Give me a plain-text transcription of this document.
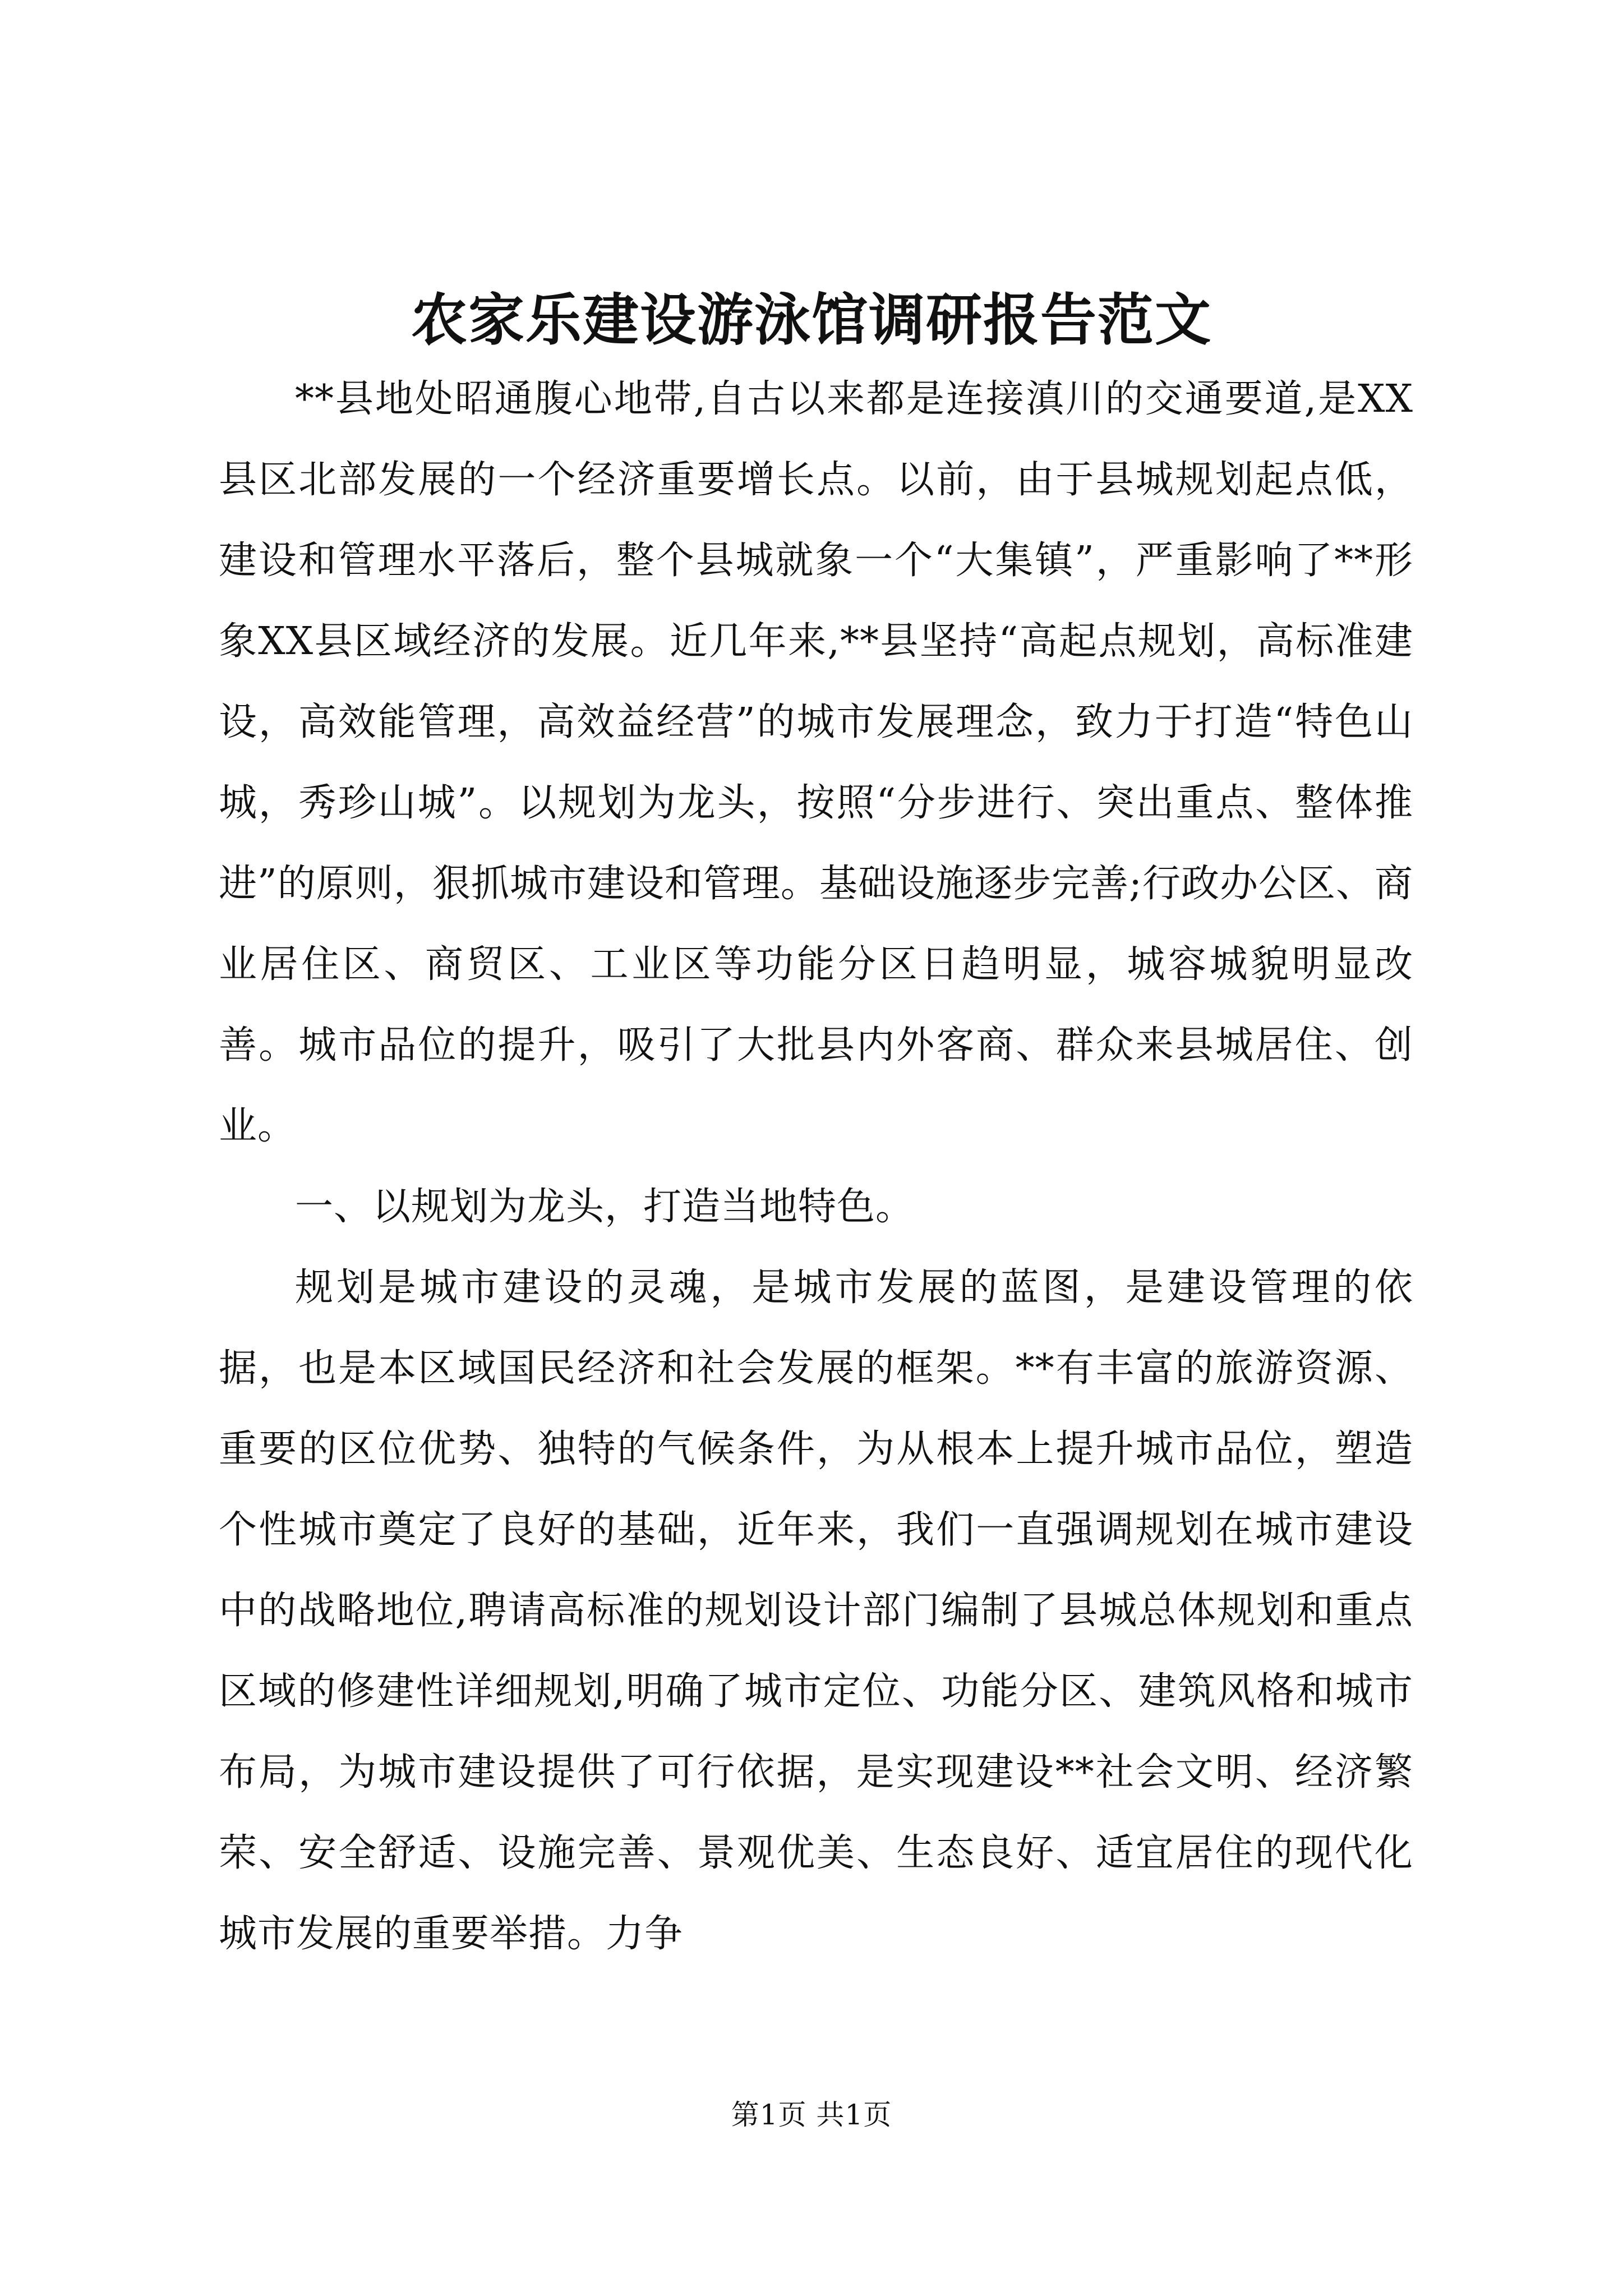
农家乐建设游泳馆调研报告范文

**县地处昭通腹心地带,自古以来都是连接滇川的交通要道,是XX县区北部发展的一个经济重要增长点。以前，由于县城规划起点低，建设和管理水平落后，整个县城就象一个“大集镇”，严重影响了**形象XX县区域经济的发展。近几年来,**县坚持“高起点规划，高标准建设，高效能管理，高效益经营”的城市发展理念，致力于打造“特色山城，秀珍山城”。以规划为龙头，按照“分步进行、突出重点、整体推进”的原则，狠抓城市建设和管理。基础设施逐步完善;行政办公区、商业居住区、商贸区、工业区等功能分区日趋明显，城容城貌明显改善。城市品位的提升，吸引了大批县内外客商、群众来县城居住、创业。

一、以规划为龙头，打造当地特色。

规划是城市建设的灵魂，是城市发展的蓝图，是建设管理的依据，也是本区域国民经济和社会发展的框架。**有丰富的旅游资源、重要的区位优势、独特的气候条件，为从根本上提升城市品位，塑造个性城市奠定了良好的基础，近年来，我们一直强调规划在城市建设中的战略地位,聘请高标准的规划设计部门编制了县城总体规划和重点区域的修建性详细规划,明确了城市定位、功能分区、建筑风格和城市布局，为城市建设提供了可行依据，是实现建设**社会文明、经济繁荣、安全舒适、设施完善、景观优美、生态良好、适宜居住的现代化城市发展的重要举措。力争

第1页 共1页
